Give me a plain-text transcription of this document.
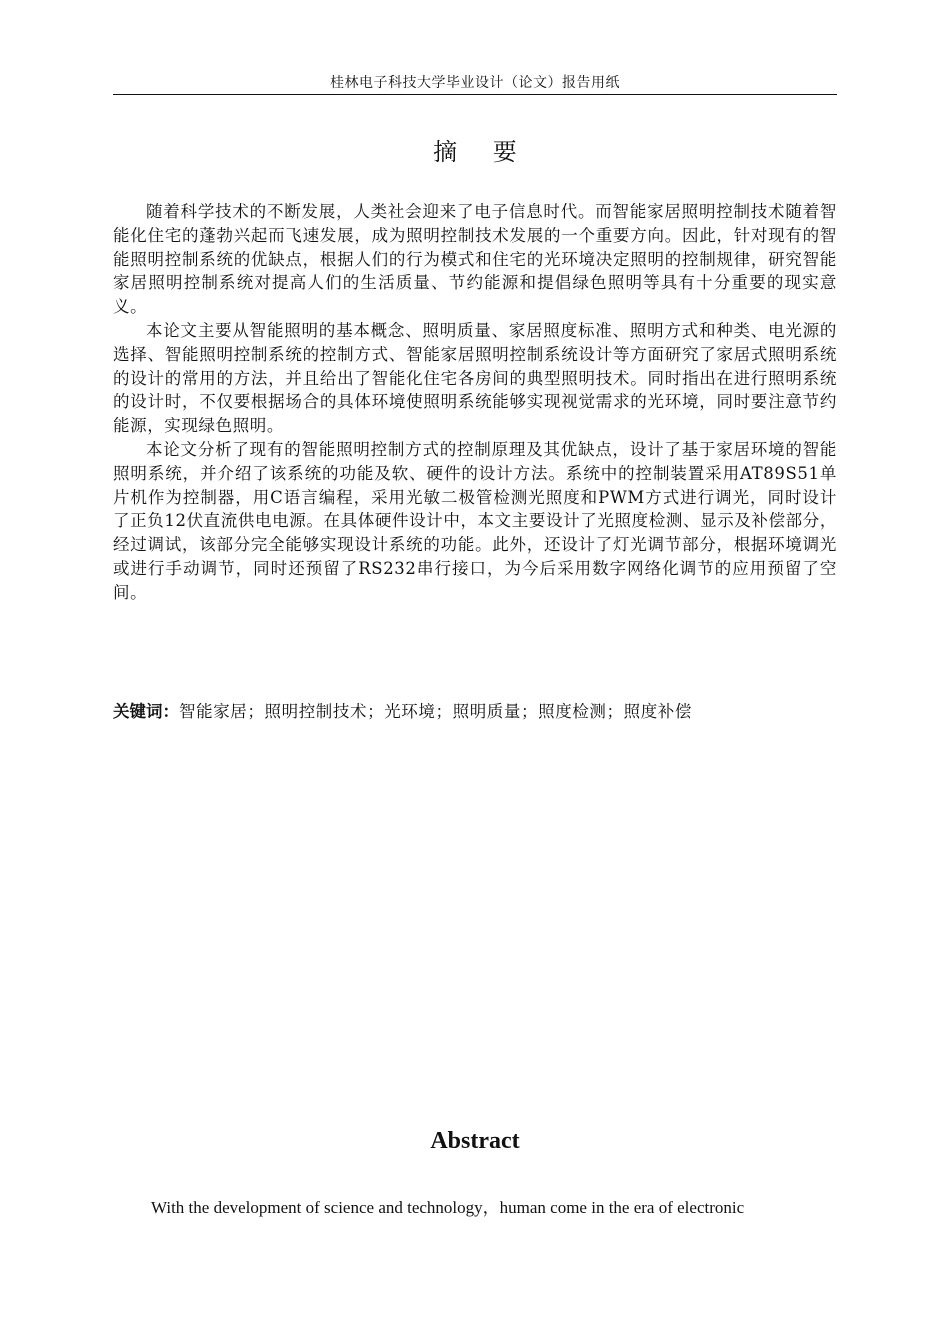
桂林电子科技大学毕业设计（论文）报告用纸
摘 要

随着科学技术的不断发展，人类社会迎来了电子信息时代。而智能家居照明控制技术随着智能化住宅的蓬勃兴起而飞速发展，成为照明控制技术发展的一个重要方向。因此，针对现有的智能照明控制系统的优缺点，根据人们的行为模式和住宅的光环境决定照明的控制规律，研究智能家居照明控制系统对提高人们的生活质量、节约能源和提倡绿色照明等具有十分重要的现实意义。

本论文主要从智能照明的基本概念、照明质量、家居照度标准、照明方式和种类、电光源的选择、智能照明控制系统的控制方式、智能家居照明控制系统设计等方面研究了家居式照明系统的设计的常用的方法，并且给出了智能化住宅各房间的典型照明技术。同时指出在进行照明系统的设计时，不仅要根据场合的具体环境使照明系统能够实现视觉需求的光环境，同时要注意节约能源，实现绿色照明。

本论文分析了现有的智能照明控制方式的控制原理及其优缺点，设计了基于家居环境的智能照明系统，并介绍了该系统的功能及软、硬件的设计方法。系统中的控制装置采用AT89S51单片机作为控制器，用C语言编程，采用光敏二极管检测光照度和PWM方式进行调光，同时设计了正负12伏直流供电电源。在具体硬件设计中，本文主要设计了光照度检测、显示及补偿部分，经过调试，该部分完全能够实现设计系统的功能。此外，还设计了灯光调节部分，根据环境调光或进行手动调节，同时还预留了RS232串行接口，为今后采用数字网络化调节的应用预留了空间。

关键词：智能家居；照明控制技术；光环境；照明质量；照度检测；照度补偿
Abstract

With the development of science and technology，human come in the era of electronic
